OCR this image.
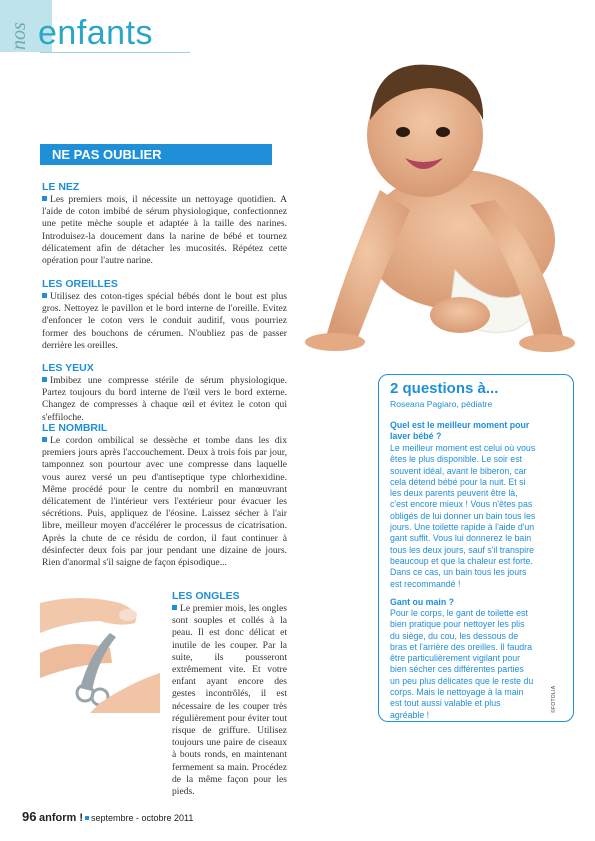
nos enfants
NE PAS OUBLIER
LE NEZ
Les premiers mois, il nécessite un nettoyage quotidien. A l'aide de coton imbibé de sérum physiologique, confectionnez une petite mèche souple et adaptée à la taille des narines. Introduisez-la doucement dans la narine de bébé et tournez délicatement afin de détacher les mucosités. Répétez cette opération pour l'autre narine.
LES OREILLES
Utilisez des coton-tiges spécial bébés dont le bout est plus gros. Nettoyez le pavillon et le bord interne de l'oreille. Evitez d'enfoncer le coton vers le conduit auditif, vous pourriez former des bouchons de cérumen. N'oubliez pas de passer derrière les oreilles.
LES YEUX
Imbibez une compresse stérile de sérum physiologique. Partez toujours du bord interne de l'œil vers le bord externe. Changez de compresses à chaque œil et évitez le coton qui s'effiloche.
LE NOMBRIL
Le cordon ombilical se dessèche et tombe dans les dix premiers jours après l'accouchement. Deux à trois fois par jour, tamponnez son pourtour avec une compresse dans laquelle vous aurez versé un peu d'antiseptique type chlorhexidine. Même procédé pour le centre du nombril en manœuvrant délicatement de l'intérieur vers l'extérieur pour évacuer les sécrétions. Puis, appliquez de l'éosine. Laissez sécher à l'air libre, meilleur moyen d'accélérer le processus de cicatrisation. Après la chute de ce résidu de cordon, il faut continuer à désinfecter deux fois par jour pendant une dizaine de jours. Rien d'anormal s'il saigne de façon épisodique...
LES ONGLES
Le premier mois, les ongles sont souples et collés à la peau. Il est donc délicat et inutile de les couper. Par la suite, ils pousseront extrêmement vite. Et votre enfant ayant encore des gestes incontrôlés, il est nécessaire de les couper très régulièrement pour éviter tout risque de griffure. Utilisez toujours une paire de ciseaux à bouts ronds, en maintenant fermement sa main. Procédez de la même façon pour les pieds.
2 questions à...
Roseana Pagiaro, pédiatre
Quel est le meilleur moment pour laver bébé ?
Le meilleur moment est celui où vous êtes le plus disponible. Le soir est souvent idéal, avant le biberon, car cela détend bébé pour la nuit. Et si les deux parents peuvent être là, c'est encore mieux ! Vous n'êtes pas obligés de lui donner un bain tous les jours. Une toilette rapide à l'aide d'un gant suffit. Vous lui donnerez le bain tous les deux jours, sauf s'il transpire beaucoup et que la chaleur est forte. Dans ce cas, un bain tous les jours est recommandé !
Gant ou main ?
Pour le corps, le gant de toilette est bien pratique pour nettoyer les plis du siège, du cou, les dessous de bras et l'arrière des oreilles. Il faudra être particulièrement vigilant pour bien sécher ces différentes parties un peu plus délicates que le reste du corps. Mais le nettoyage à la main est tout aussi valable et plus agréable !
©FOTOLIA
96 anform ! septembre - octobre 2011
